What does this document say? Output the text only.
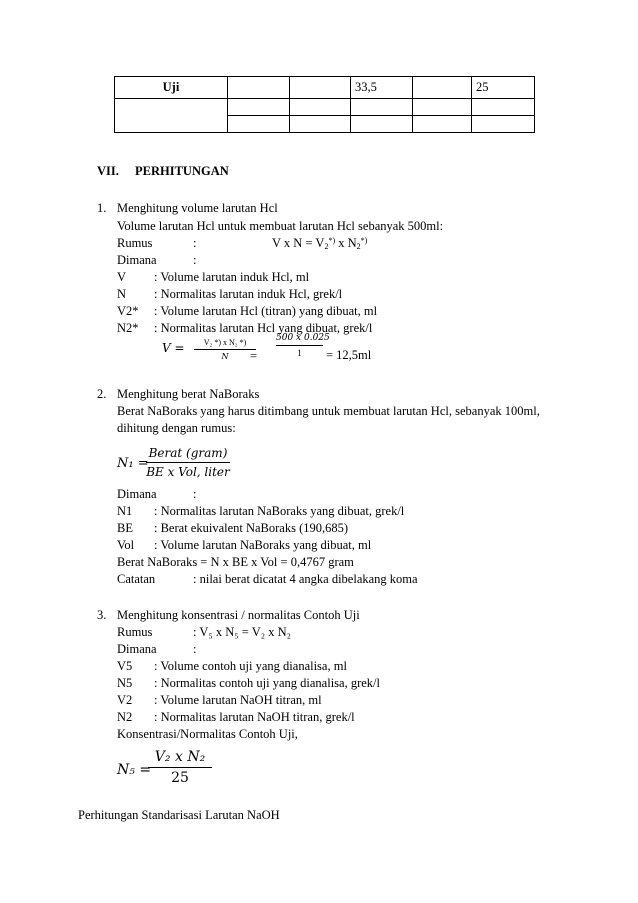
Uji			33,5		25

VII. PERHITUNGAN
1. Menghitung volume larutan Hcl
Volume larutan Hcl untuk membuat larutan Hcl sebanyak 500ml:
Rumus	:	V x $N = V_2^{*)}$ x $N_2^{*)}$
Dimana	:
V : Volume larutan induk Hcl, ml
N : Normalitas larutan induk Hcl, grek/l
V2* : Volume larutan Hcl (titran) yang dibuat, ml
N2* : Normalitas larutan Hcl yang dibuat, grek/l
V =	V₂ *) x N₂ *)
N	=
500 x 0.025
1	= 12,5ml
2. Menghitung berat NaBoraks
Berat NaBoraks yang harus ditimbang untuk membuat larutan Hcl, sebanyak 100ml,
dihitung dengan rumus:
N₁ =
Berat (gram)
BE x Vol, liter
Dimana	:
N1 : Normalitas larutan NaBoraks yang dibuat, grek/l
BE : Berat ekuivalent NaBoraks (190,685)
Vol : Volume larutan NaBoraks yang dibuat, ml
Berat NaBoraks = N x BE x Vol = 0,4767 gram
Catatan	: nilai berat dicatat 4 angka dibelakang koma
3. Menghitung konsentrasi / normalitas Contoh Uji
Rumus	: V₅ x N₅ = V₂ x N₂
Dimana	:
V5 : Volume contoh uji yang dianalisa, ml
N5 : Normalitas contoh uji yang dianalisa, grek/l
V2 : Volume larutan NaOH titran, ml
N2 : Normalitas larutan NaOH titran, grek/l
Konsentrasi/Normalitas Contoh Uji,
N₅ =
V₂ x N₂
25
Perhitungan Standarisasi Larutan NaOH
